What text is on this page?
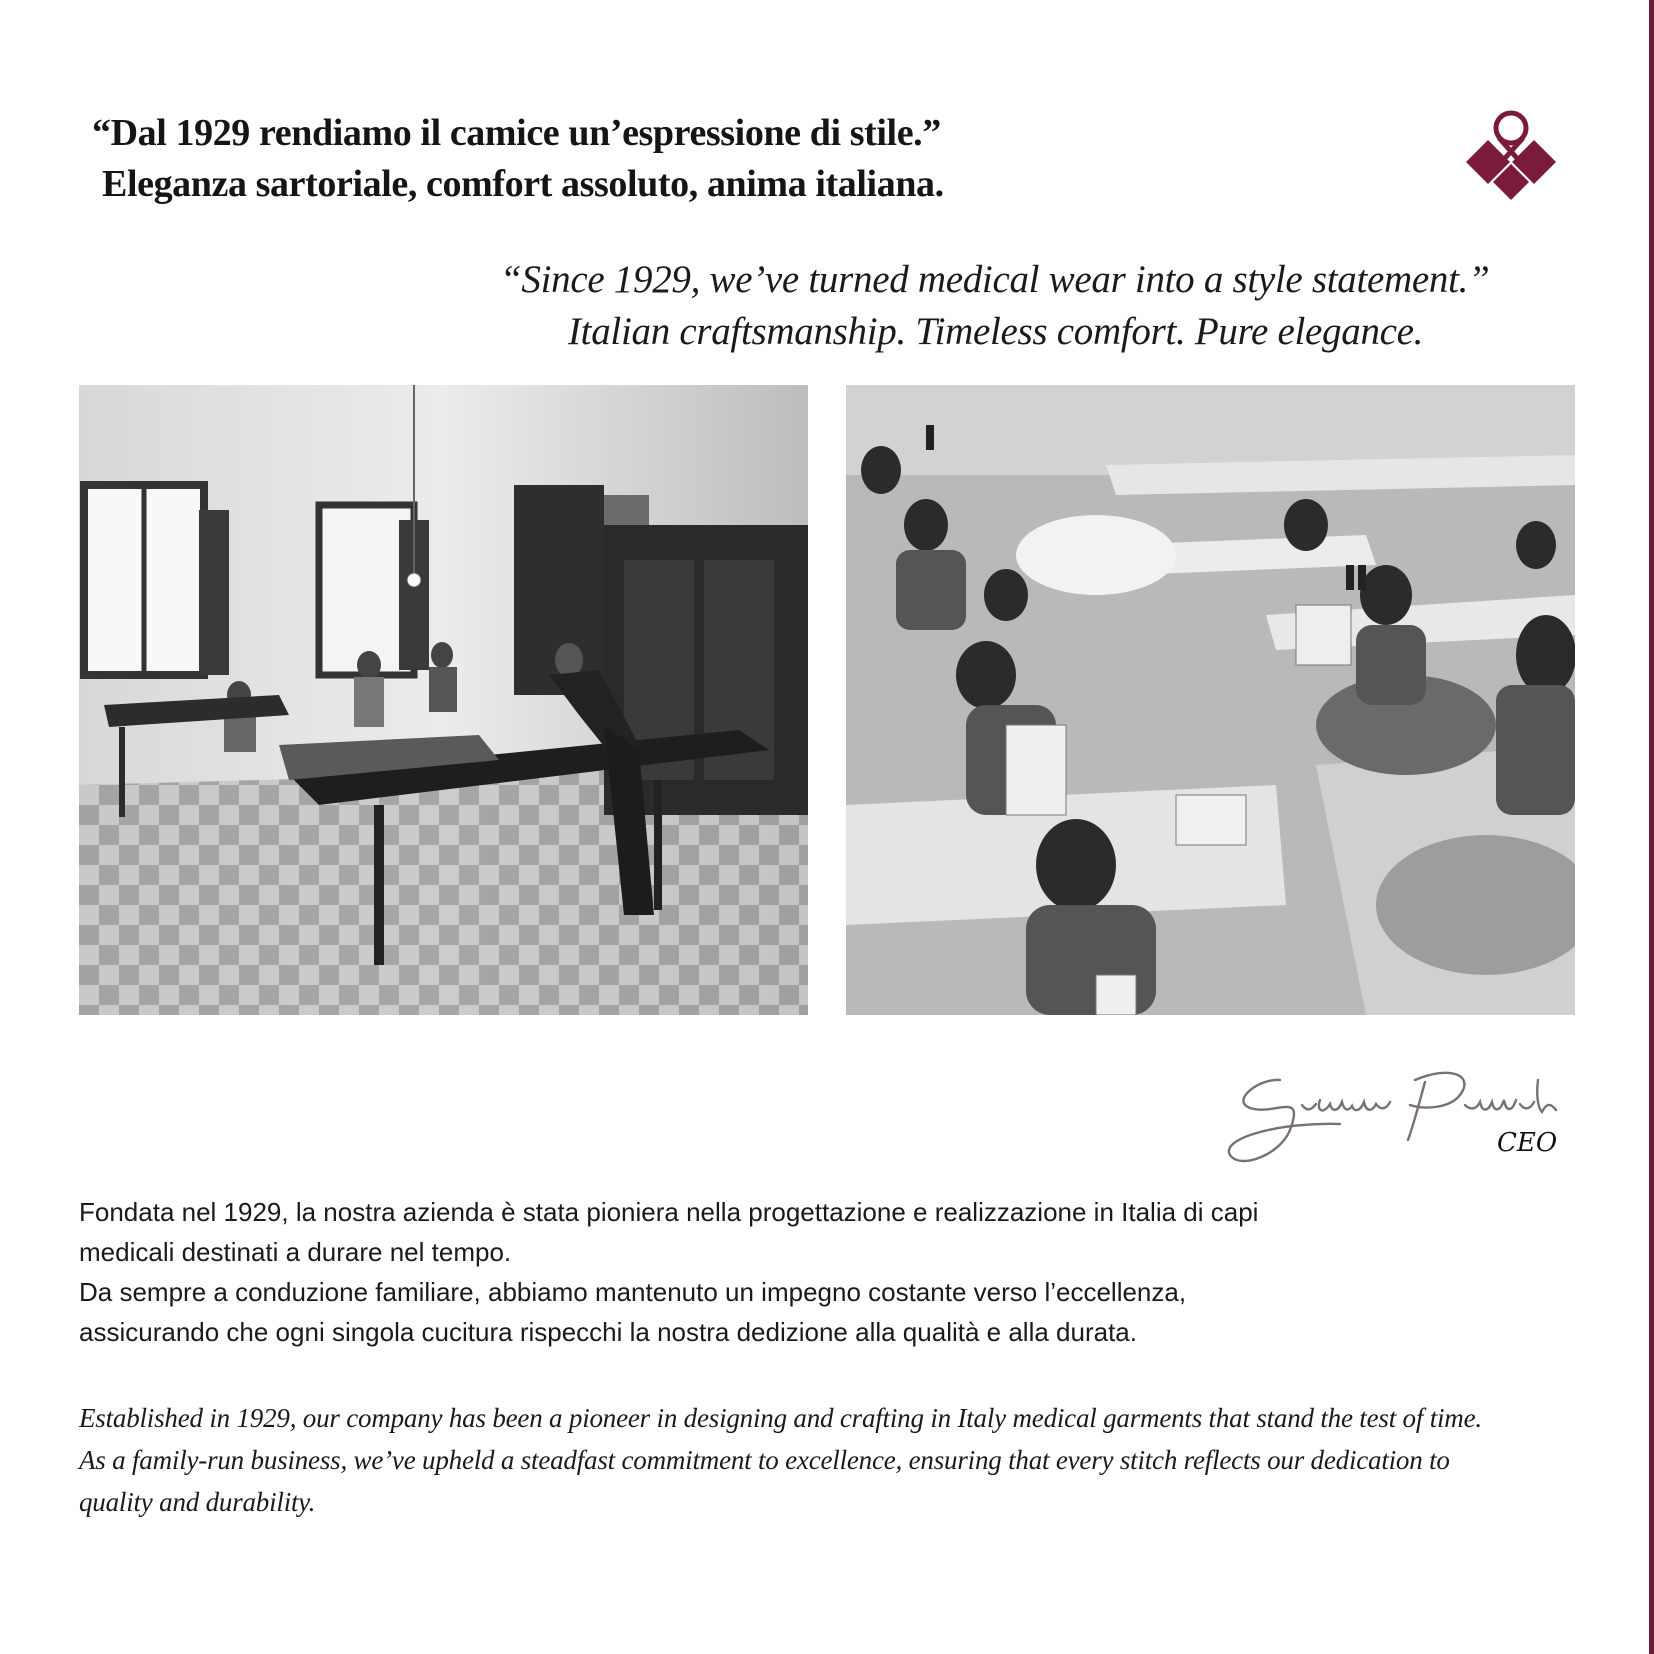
“Dal 1929 rendiamo il camice un’espressione di stile.”
Eleganza sartoriale, comfort assoluto, anima italiana.
“Since 1929, we’ve turned medical wear into a style statement.”
Italian craftsmanship. Timeless comfort. Pure elegance.
CEO

Fondata nel 1929, la nostra azienda è stata pioniera nella progettazione e realizzazione in Italia di capi

medicali destinati a durare nel tempo.

Da sempre a conduzione familiare, abbiamo mantenuto un impegno costante verso l’eccellenza,

assicurando che ogni singola cucitura rispecchi la nostra dedizione alla qualità e alla durata.

Established in 1929, our company has been a pioneer in designing and crafting in Italy medical garments that stand the test of time.

As a family-run business, we’ve upheld a steadfast commitment to excellence, ensuring that every stitch reflects our dedication to

quality and durability.
